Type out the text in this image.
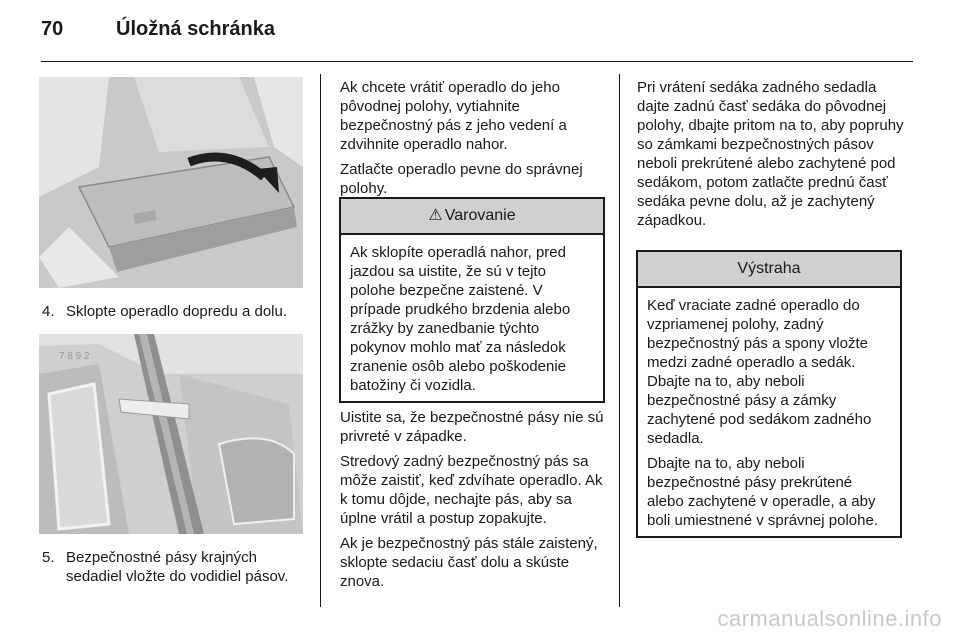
70	Úložná schránka
4. Sklopte operadlo dopredu a dolu.
7 8 9 2
5. Bezpečnostné pásy krajných sedadiel vložte do vodidiel pásov.

Ak chcete vrátiť operadlo do jeho pôvodnej polohy, vytiahnite bezpečnostný pás z jeho vedení a zdvihnite operadlo nahor.

Zatlačte operadlo pevne do správnej polohy.

⚠ Varovanie

Ak sklopíte operadlá nahor, pred jazdou sa uistite, že sú v tejto polohe bezpečne zaistené. V prípade prudkého brzdenia alebo zrážky by zanedbanie týchto pokynov mohlo mať za následok zranenie osôb alebo poškodenie batožiny či vozidla.

Uistite sa, že bezpečnostné pásy nie sú privreté v západke.

Stredový zadný bezpečnostný pás sa môže zaistiť, keď zdvíhate operadlo. Ak k tomu dôjde, nechajte pás, aby sa úplne vrátil a postup zopakujte.

Ak je bezpečnostný pás stále zaistený, sklopte sedaciu časť dolu a skúste znova.

Pri vrátení sedáka zadného sedadla dajte zadnú časť sedáka do pôvodnej polohy, dbajte pritom na to, aby popruhy so zámkami bezpečnostných pásov neboli prekrútené alebo zachytené pod sedákom, potom zatlačte prednú časť sedáka pevne dolu, až je zachytený západkou.

Výstraha

Keď vraciate zadné operadlo do vzpriamenej polohy, zadný bezpečnostný pás a spony vložte medzi zadné operadlo a sedák. Dbajte na to, aby neboli bezpečnostné pásy a zámky zachytené pod sedákom zadného sedadla.

Dbajte na to, aby neboli bezpečnostné pásy prekrútené alebo zachytené v operadle, a aby boli umiestnené v správnej polohe.

carmanualsonline.info
